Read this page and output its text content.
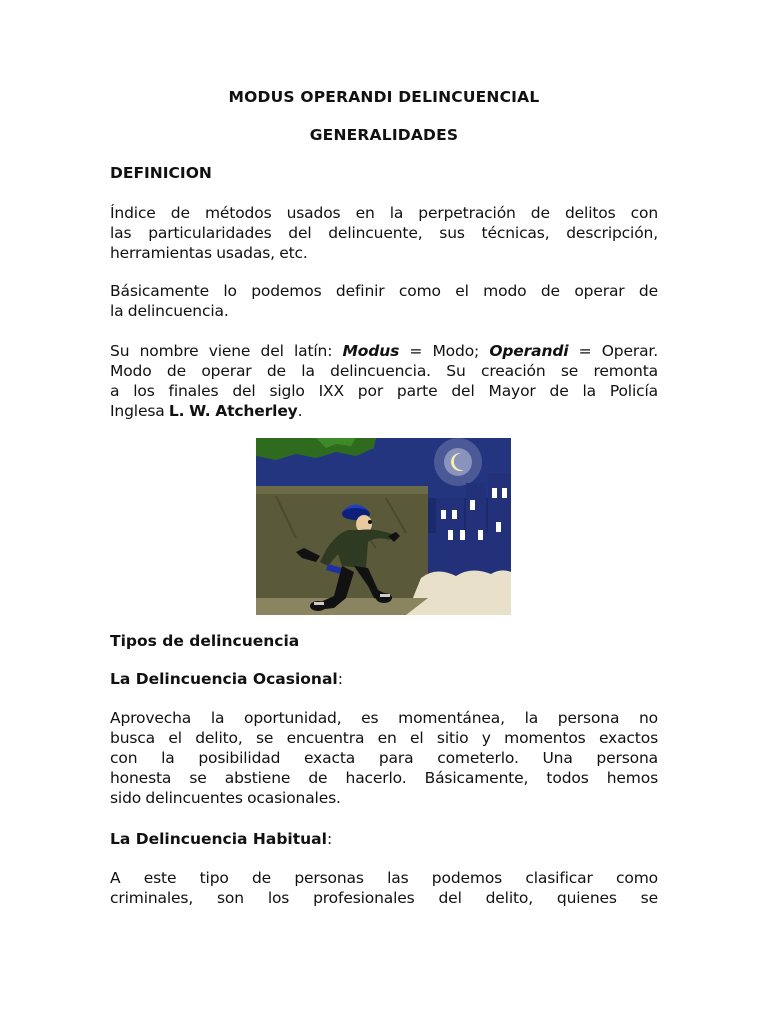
MODUS OPERANDI DELINCUENCIAL
GENERALIDADES
DEFINICION
Índice de métodos usados en la perpetración de delitos con
las particularidades del delincuente, sus técnicas, descripción,
herramientas usadas, etc.
Básicamente lo podemos definir como el modo de operar de
la delincuencia.
Su nombre viene del latín: Modus = Modo; Operandi = Operar.
Modo de operar de la delincuencia. Su creación se remonta
a los finales del siglo IXX por parte del Mayor de la Policía
Inglesa L. W. Atcherley.
Tipos de delincuencia
La Delincuencia Ocasional:
Aprovecha la oportunidad, es momentánea, la persona no
busca el delito, se encuentra en el sitio y momentos exactos
con la posibilidad exacta para cometerlo. Una persona
honesta se abstiene de hacerlo. Básicamente, todos hemos
sido delincuentes ocasionales.
La Delincuencia Habitual:
A este tipo de personas las podemos clasificar como
criminales, son los profesionales del delito, quienes se
